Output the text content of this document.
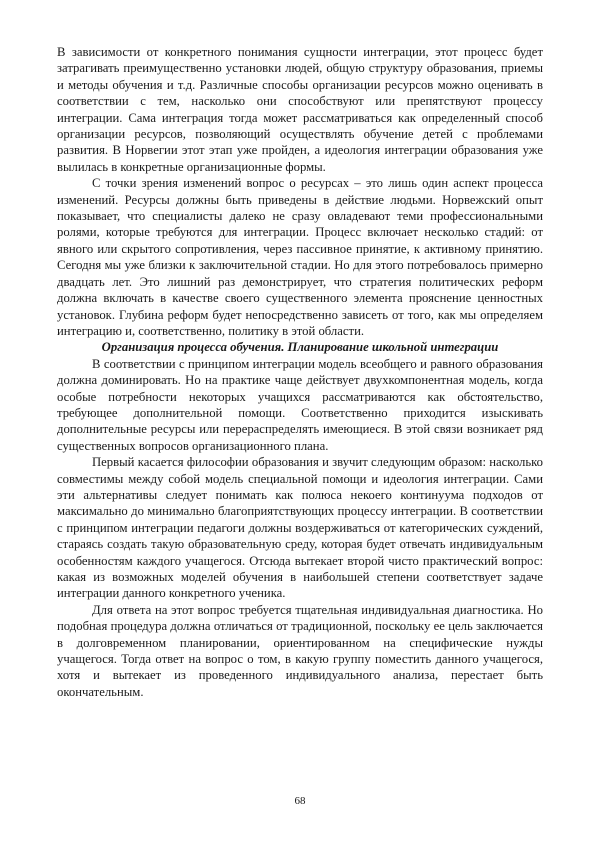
В зависимости от конкретного понимания сущности интеграции, этот процесс будет затрагивать преимущественно установки людей, общую структуру образования, приемы и методы обучения и т.д. Различные способы организации ресурсов можно оценивать в соответствии с тем, насколько они способствуют или препятствуют процессу интеграции. Сама интеграция тогда может рассматриваться как определенный способ организации ресурсов, позволяющий осуществлять обучение детей с проблемами развития. В Норвегии этот этап уже пройден, а идеология интеграции образования уже вылилась в конкретные организационные формы.

С точки зрения изменений вопрос о ресурсах – это лишь один аспект процесса изменений. Ресурсы должны быть приведены в действие людьми. Норвежский опыт показывает, что специалисты далеко не сразу овладевают теми профессиональными ролями, которые требуются для интеграции. Процесс включает несколько стадий: от явного или скрытого сопротивления, через пассивное принятие, к активному принятию. Сегодня мы уже близки к заключительной стадии. Но для этого потребовалось примерно двадцать лет. Это лишний раз демонстрирует, что стратегия политических реформ должна включать в качестве своего существенного элемента прояснение ценностных установок. Глубина реформ будет непосредственно зависеть от того, как мы определяем интеграцию и, соответственно, политику в этой области.

Организация процесса обучения. Планирование школьной интеграции

В соответствии с принципом интеграции модель всеобщего и равного образования должна доминировать. Но на практике чаще действует двухкомпонентная модель, когда особые потребности некоторых учащихся рассматриваются как обстоятельство, требующее дополнительной помощи. Соответственно приходится изыскивать дополнительные ресурсы или перераспределять имеющиеся. В этой связи возникает ряд существенных вопросов организационного плана.

Первый касается философии образования и звучит следующим образом: насколько совместимы между собой модель специальной помощи и идеология интеграции. Сами эти альтернативы следует понимать как полюса некоего континуума подходов от максимально до минимально благоприятствующих процессу интеграции. В соответствии с принципом интеграции педагоги должны воздерживаться от категорических суждений, стараясь создать такую образовательную среду, которая будет отвечать индивидуальным особенностям каждого учащегося. Отсюда вытекает второй чисто практический вопрос: какая из возможных моделей обучения в наибольшей степени соответствует задаче интеграции данного конкретного ученика.

Для ответа на этот вопрос требуется тщательная индивидуальная диагностика. Но подобная процедура должна отличаться от традиционной, поскольку ее цель заключается в долговременном планировании, ориентированном на специфические нужды учащегося. Тогда ответ на вопрос о том, в какую группу поместить данного учащегося, хотя и вытекает из проведенного индивидуального анализа, перестает быть окончательным.

68
